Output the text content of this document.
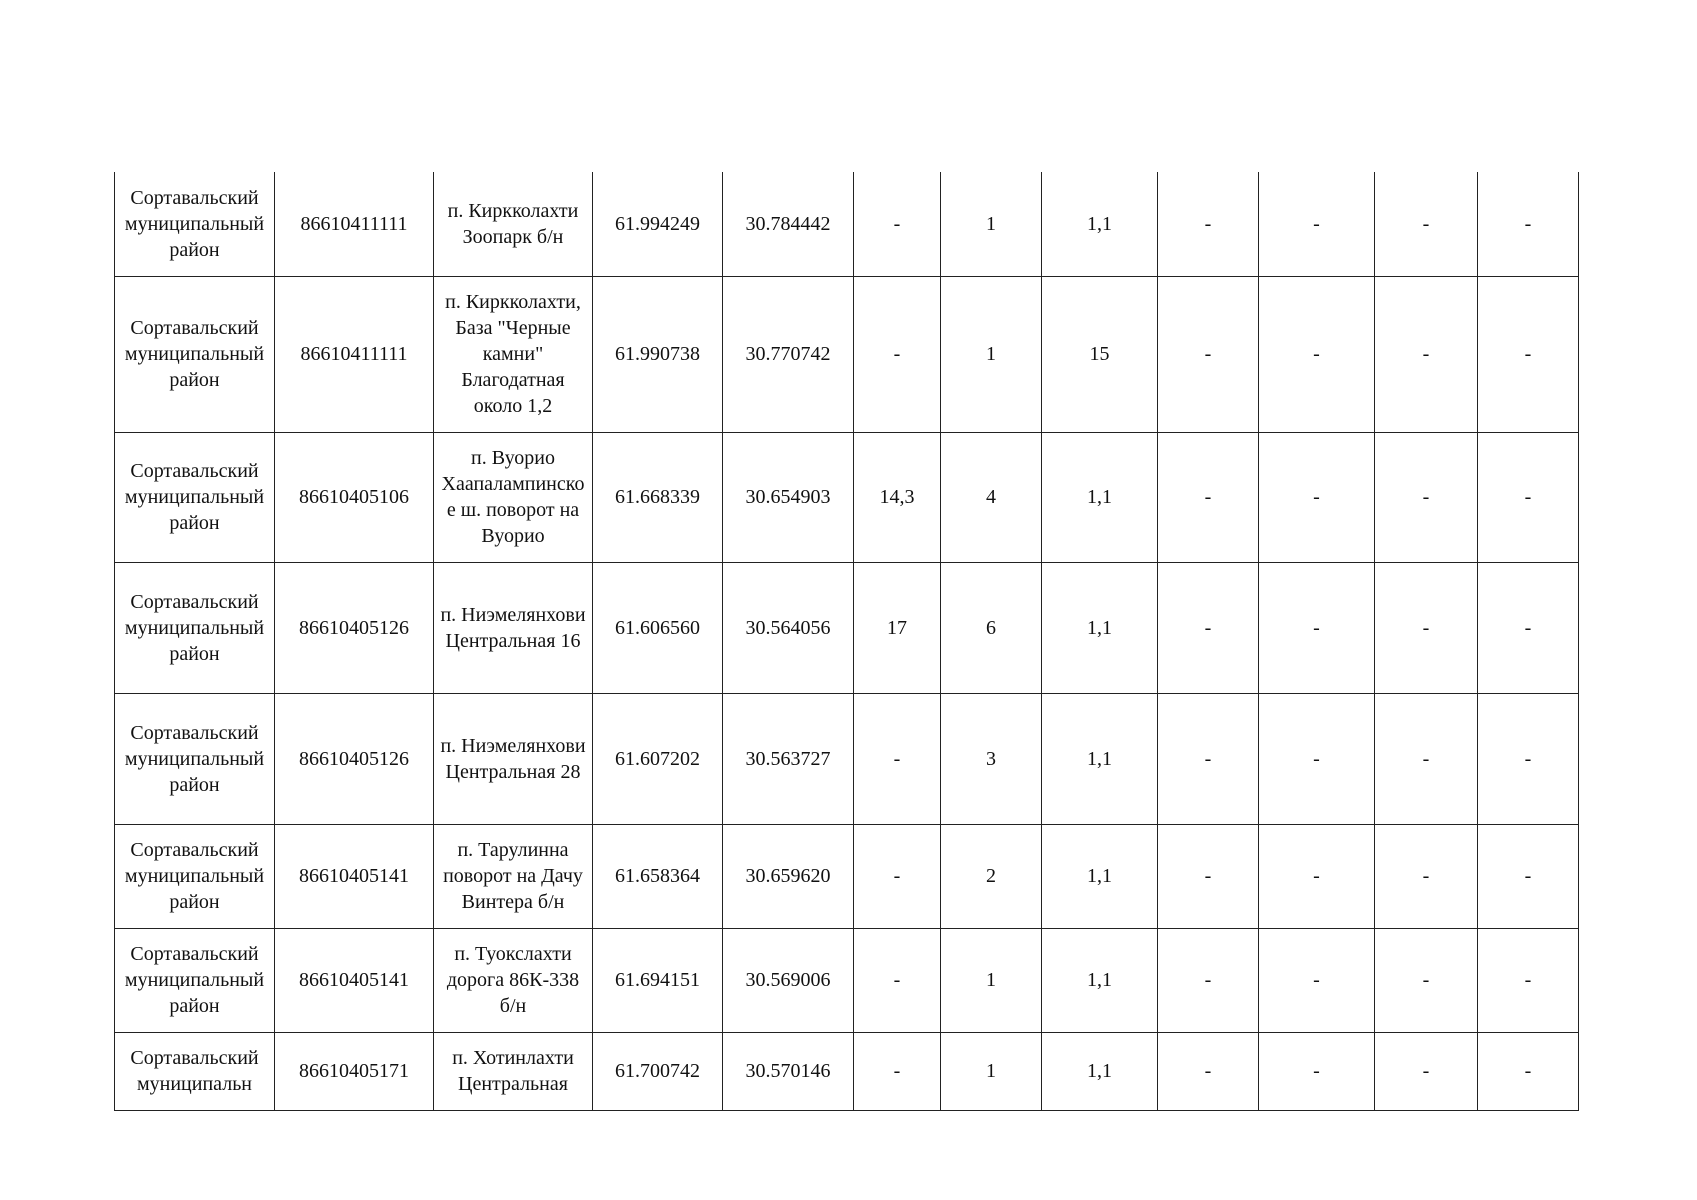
Сортавальский муниципальный район	86610411111	п. Киркколахти Зоопарк б/н	61.994249	30.784442	-	1	1,1	-	-	-	-
Сортавальский муниципальный район	86610411111	п. Киркколахти, База "Черные камни" Благодатная около 1,2	61.990738	30.770742	-	1	15	-	-	-	-
Сортавальский муниципальный район	86610405106	п. Вуорио Хаапалампинское ш. поворот на Вуорио	61.668339	30.654903	14,3	4	1,1	-	-	-	-
Сортавальский муниципальный район	86610405126	п. Ниэмелянхови Центральная 16	61.606560	30.564056	17	6	1,1	-	-	-	-
Сортавальский муниципальный район	86610405126	п. Ниэмелянхови Центральная 28	61.607202	30.563727	-	3	1,1	-	-	-	-
Сортавальский муниципальный район	86610405141	п. Тарулинна поворот на Дачу Винтера б/н	61.658364	30.659620	-	2	1,1	-	-	-	-
Сортавальский муниципальный район	86610405141	п. Туокслахти дорога 86К-338 б/н	61.694151	30.569006	-	1	1,1	-	-	-	-
Сортавальский муниципальн	86610405171	п. Хотинлахти Центральная	61.700742	30.570146	-	1	1,1	-	-	-	-
